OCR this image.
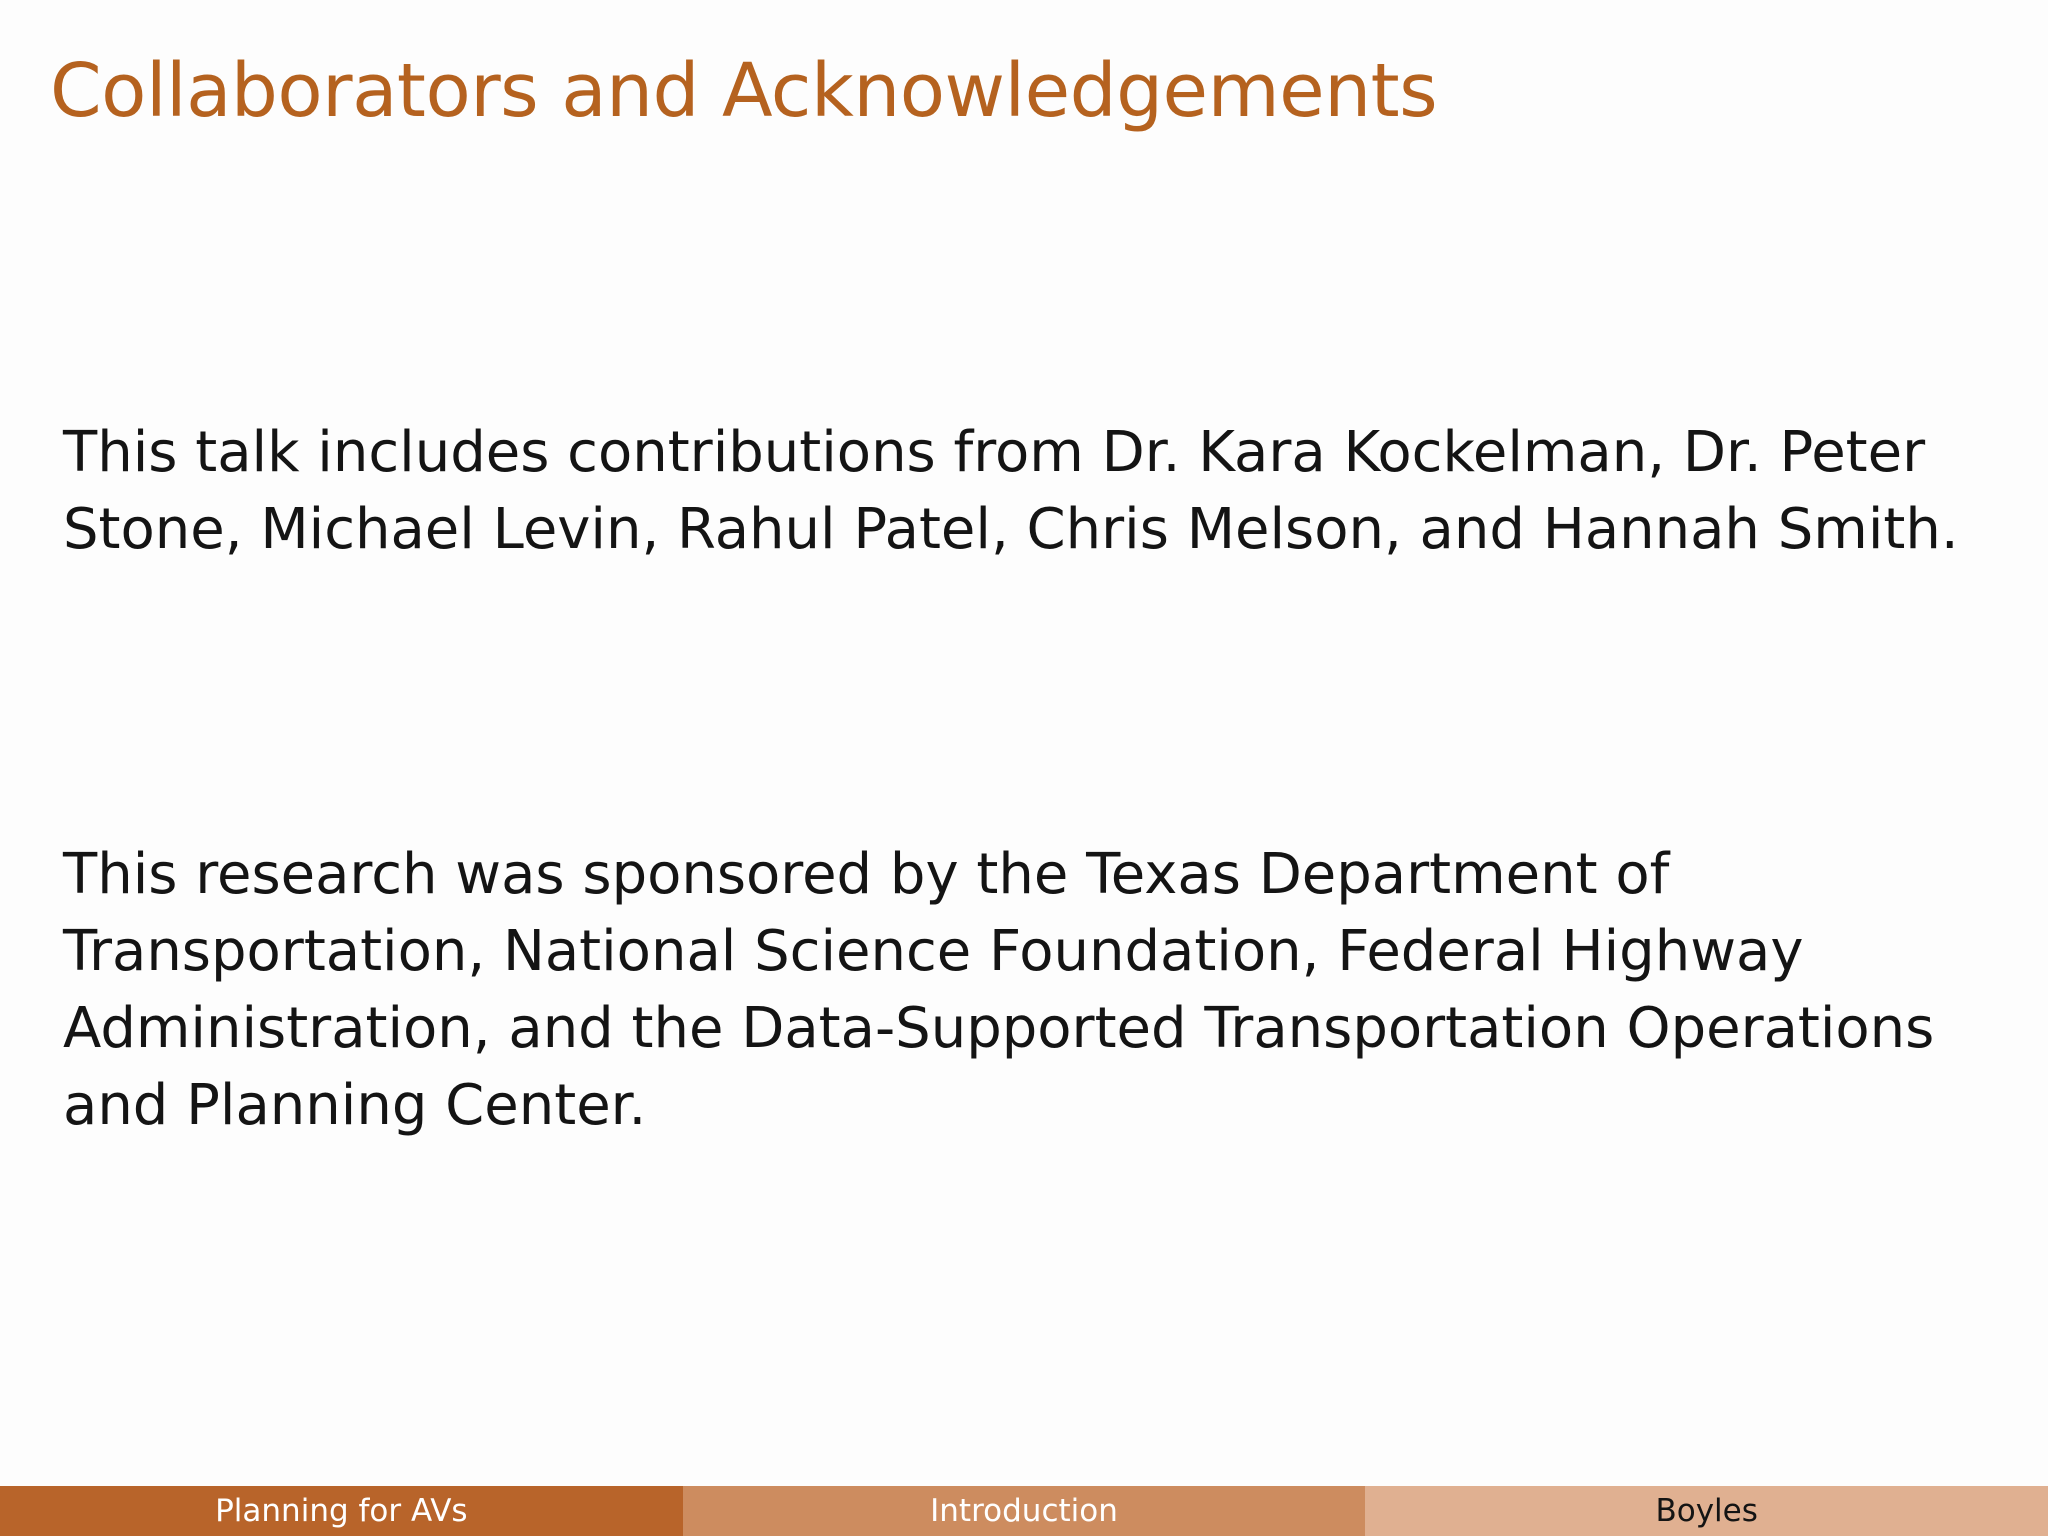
Collaborators and Acknowledgements
This talk includes contributions from Dr. Kara Kockelman, Dr. Peter Stone, Michael Levin, Rahul Patel, Chris Melson, and Hannah Smith.
This research was sponsored by the Texas Department of Transportation, National Science Foundation, Federal Highway Administration, and the Data-Supported Transportation Operations and Planning Center.
Planning for AVs	Introduction	Boyles
